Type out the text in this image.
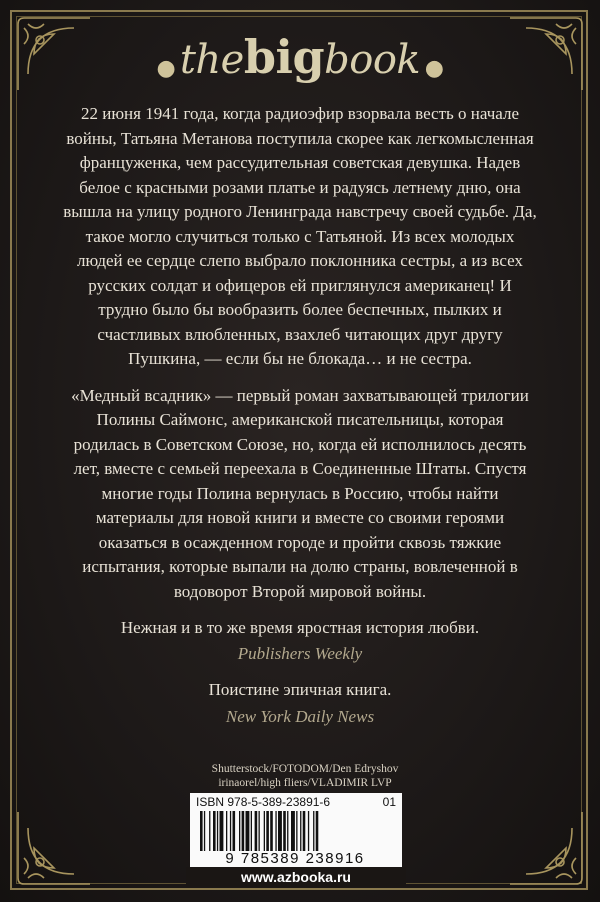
● thebigbook ●

22 июня 1941 года, когда радиоэфир взорвала весть о начале войны, Татьяна Метанова поступила скорее как легкомысленная француженка, чем рассудительная советская девушка. Надев белое с красными розами платье и радуясь летнему дню, она вышла на улицу родного Ленинграда навстречу своей судьбе. Да, такое могло случиться только с Татьяной. Из всех молодых людей ее сердце слепо выбрало поклонника сестры, а из всех русских солдат и офицеров ей приглянулся американец! И трудно было бы вообразить более беспечных, пылких и счастливых влюбленных, взахлеб читающих друг другу Пушкина, — если бы не блокада… и не сестра.

«Медный всадник» — первый роман захватывающей трилогии Полины Саймонс, американской писательницы, которая родилась в Советском Союзе, но, когда ей исполнилось десять лет, вместе с семьей переехала в Соединенные Штаты. Спустя многие годы Полина вернулась в Россию, чтобы найти материалы для новой книги и вместе со своими героями оказаться в осажденном городе и пройти сквозь тяжкие испытания, которые выпали на долю страны, вовлеченной в водоворот Второй мировой войны.

Нежная и в то же время яростная история любви.
Publishers Weekly
Поистине эпичная книга.
New York Daily News
Shutterstock/FOTODOM/Den Edryshov
irinaorel/high fliers/VLADIMIR LVP
ISBN 978-5-389-23891-6	01
9 785389 238916
www.azbooka.ru
